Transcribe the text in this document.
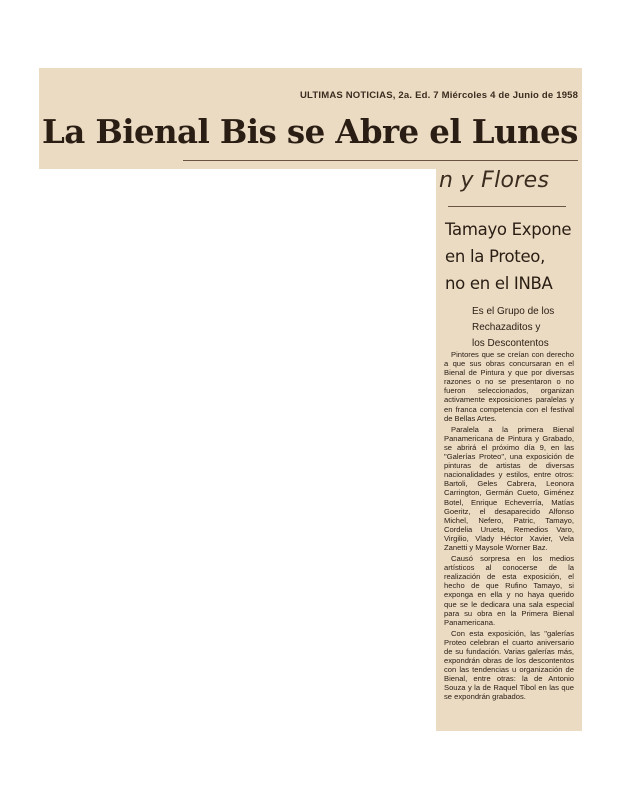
ULTIMAS NOTICIAS, 2a. Ed. 7 Miércoles 4 de Junio de 1958
La Bienal Bis se Abre el Lunes
n y Flores
Tamayo Expone
en la Proteo,
no en el INBA
Es el Grupo de los
Rechazaditos y
los Descontentos

Pintores que se creían con derecho a que sus obras concursaran en el Bienal de Pintura y que por diversas razones o no se presentaron o no fueron seleccionados, organizan activamente exposiciones paralelas y en franca competencia con el festival de Bellas Artes.

Paralela a la primera Bienal Panamericana de Pintura y Grabado, se abrirá el próximo día 9, en las "Galerías Proteo", una exposición de pinturas de artistas de diversas nacionalidades y estilos, entre otros: Bartoli, Geles Cabrera, Leonora Carrington, Germán Cueto, Giménez Botel, Enrique Echeverría, Matías Goeritz, el desaparecido Alfonso Michel, Nefero, Patric, Tamayo, Cordelia Urueta, Remedios Varo, Virgilio, Vlady Héctor Xavier, Vela Zanetti y Maysole Worner Baz.

Causó sorpresa en los medios artísticos al conocerse de la realización de esta exposición, el hecho de que Rufino Tamayo, si exponga en ella y no haya querido que se le dedicara una sala especial para su obra en la Primera Bienal Panamericana.

Con esta exposición, las "galerías Proteo celebran el cuarto aniversario de su fundación. Varias galerías más, expondrán obras de los descontentos con las tendencias u organización de Bienal, entre otras: la de Antonio Souza y la de Raquel Tibol en las que se expondrán grabados.
